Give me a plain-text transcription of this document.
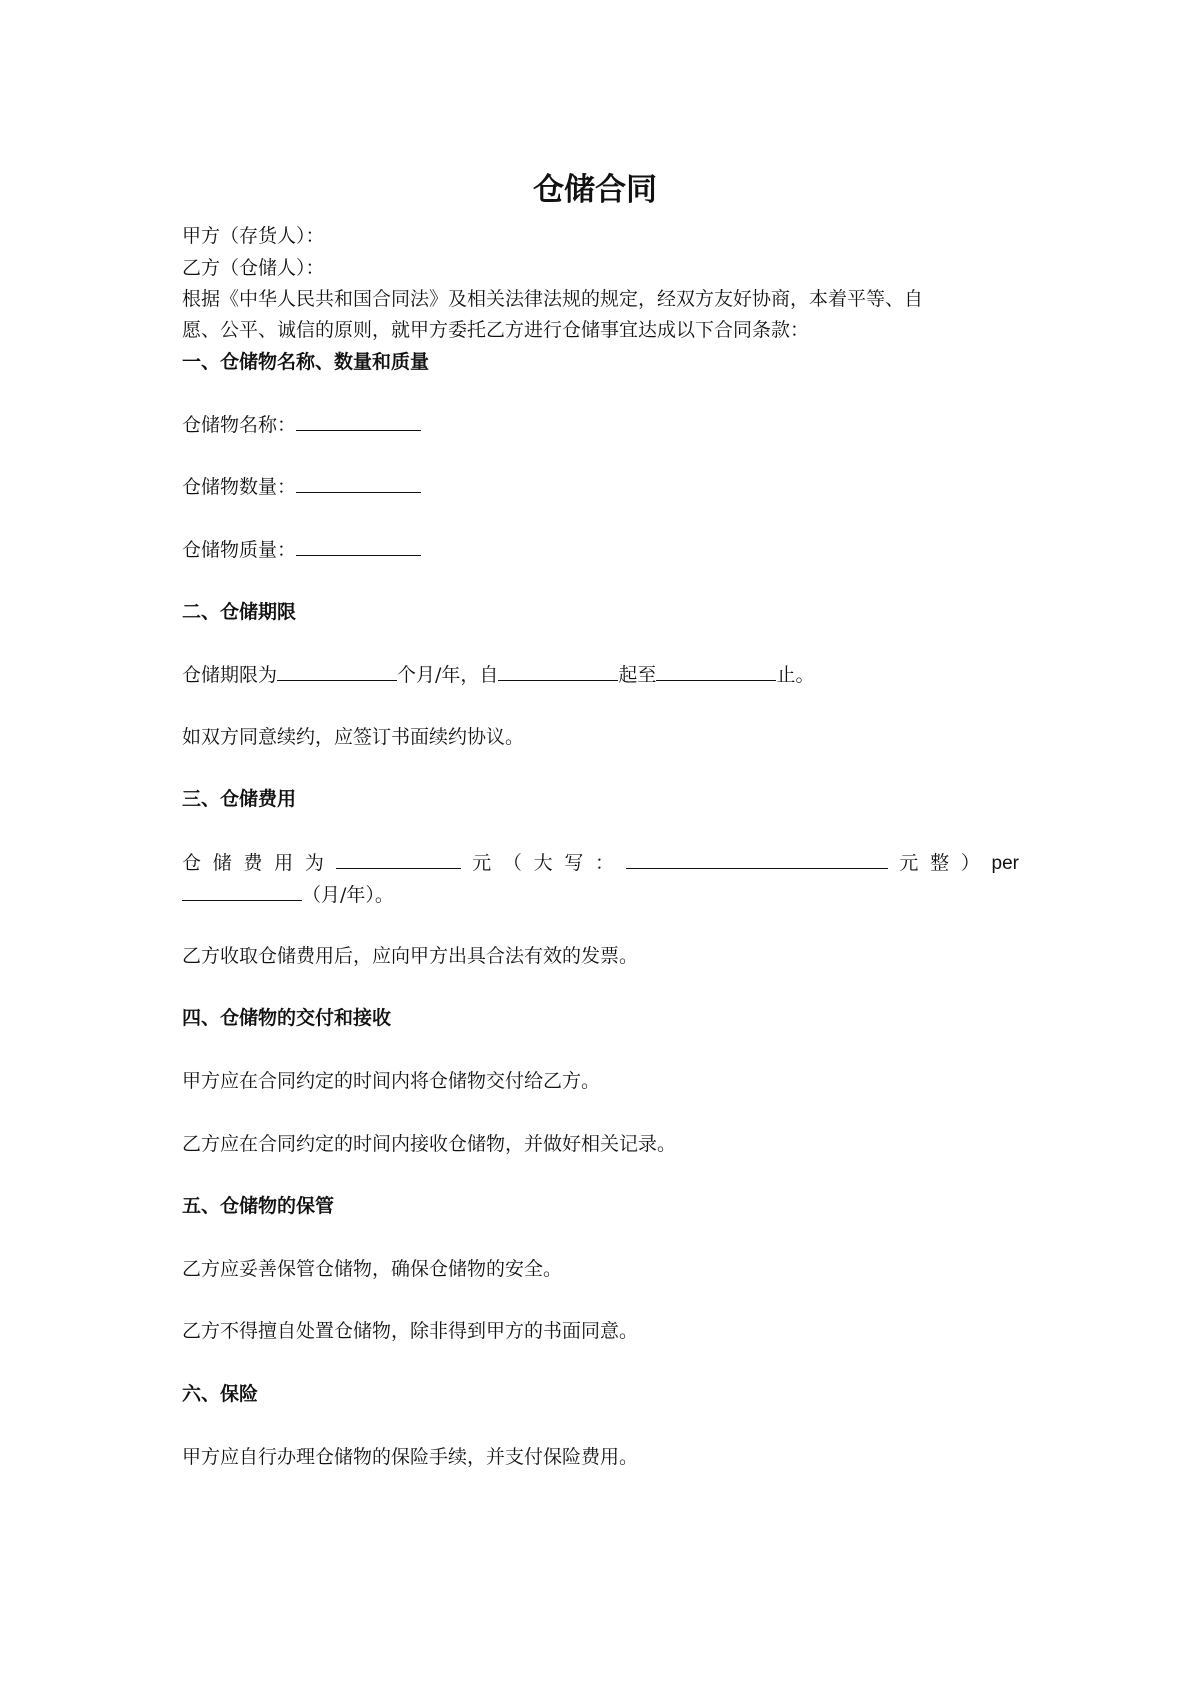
仓储合同
甲方（存货人）：
乙方（仓储人）：
根据《中华人民共和国合同法》及相关法律法规的规定，经双方友好协商，本着平等、自
愿、公平、诚信的原则，就甲方委托乙方进行仓储事宜达成以下合同条款：
一、仓储物名称、数量和质量
仓储物名称：
仓储物数量：
仓储物质量：
二、仓储期限
仓储期限为	个月/年，自	起至	止。
如双方同意续约，应签订书面续约协议。
三、仓储费用
仓 储 费 用 为	元 （ 大 写 ：	元 整 ） per
（月/年）。
乙方收取仓储费用后，应向甲方出具合法有效的发票。
四、仓储物的交付和接收
甲方应在合同约定的时间内将仓储物交付给乙方。
乙方应在合同约定的时间内接收仓储物，并做好相关记录。
五、仓储物的保管
乙方应妥善保管仓储物，确保仓储物的安全。
乙方不得擅自处置仓储物，除非得到甲方的书面同意。
六、保险
甲方应自行办理仓储物的保险手续，并支付保险费用。
